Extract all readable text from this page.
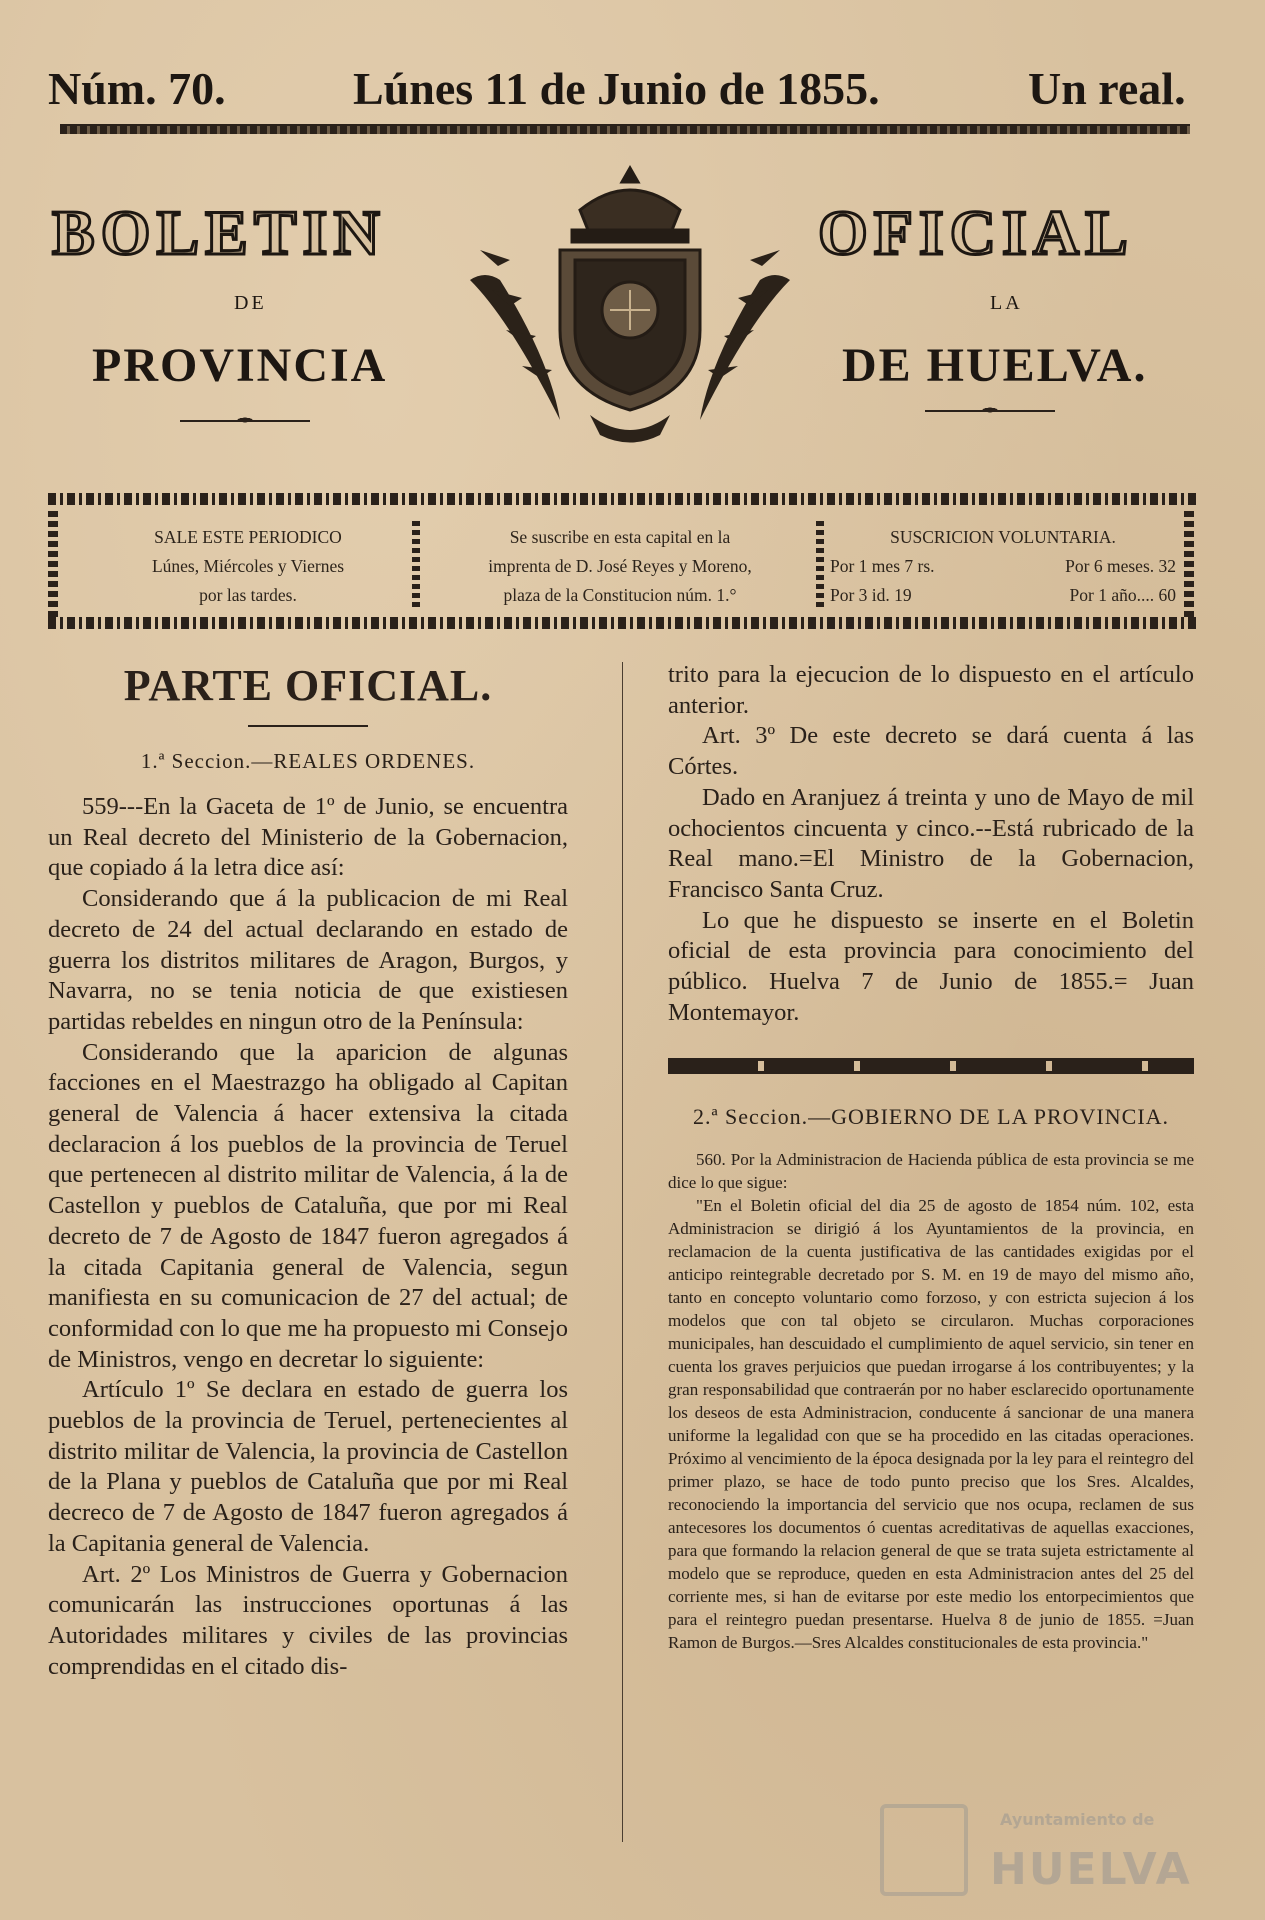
Núm. 70.	Lúnes 11 de Junio de 1855.	Un real.
BOLETIN	OFICIAL
DE	LA
PROVINCIA	DE HUELVA.
SALE ESTE PERIODICO
Lúnes, Miércoles y Viernes
por las tardes.
Se suscribe en esta capital en la
imprenta de D. José Reyes y Moreno,
plaza de la Constitucion núm. 1.°
SUSCRICION VOLUNTARIA.
Por 1 mes 7 rs.	Por 6 meses. 32
Por 3 id. 19	Por 1 año.... 60
PARTE OFICIAL.
1.ª Seccion.—REALES ORDENES.

559---En la Gaceta de 1º de Junio, se encuentra un Real decreto del Ministerio de la Gobernacion, que copiado á la letra dice así:

Considerando que á la publicacion de mi Real decreto de 24 del actual declarando en estado de guerra los distritos militares de Aragon, Burgos, y Navarra, no se tenia noticia de que existiesen partidas rebeldes en ningun otro de la Península:

Considerando que la aparicion de algunas facciones en el Maestrazgo ha obligado al Capitan general de Valencia á hacer extensiva la citada declaracion á los pueblos de la provincia de Teruel que pertenecen al distrito militar de Valencia, á la de Castellon y pueblos de Cataluña, que por mi Real decreto de 7 de Agosto de 1847 fueron agregados á la citada Capitania general de Valencia, segun manifiesta en su comunicacion de 27 del actual; de conformidad con lo que me ha propuesto mi Consejo de Ministros, vengo en decretar lo siguiente:

Artículo 1º Se declara en estado de guerra los pueblos de la provincia de Teruel, pertenecientes al distrito militar de Valencia, la provincia de Castellon de la Plana y pueblos de Cataluña que por mi Real decreco de 7 de Agosto de 1847 fueron agregados á la Capitania general de Valencia.

Art. 2º Los Ministros de Guerra y Gobernacion comunicarán las instrucciones oportunas á las Autoridades militares y civiles de las provincias comprendidas en el citado dis-

trito para la ejecucion de lo dispuesto en el artículo anterior.

Art. 3º De este decreto se dará cuenta á las Córtes.

Dado en Aranjuez á treinta y uno de Mayo de mil ochocientos cincuenta y cinco.--Está rubricado de la Real mano.=El Ministro de la Gobernacion, Francisco Santa Cruz.

Lo que he dispuesto se inserte en el Boletin oficial de esta provincia para conocimiento del público. Huelva 7 de Junio de 1855.= Juan Montemayor.

2.ª Seccion.—GOBIERNO DE LA PROVINCIA.

560. Por la Administracion de Hacienda pública de esta provincia se me dice lo que sigue:

"En el Boletin oficial del dia 25 de agosto de 1854 núm. 102, esta Administracion se dirigió á los Ayuntamientos de la provincia, en reclamacion de la cuenta justificativa de las cantidades exigidas por el anticipo reintegrable decretado por S. M. en 19 de mayo del mismo año, tanto en concepto voluntario como forzoso, y con estricta sujecion á los modelos que con tal objeto se circularon. Muchas corporaciones municipales, han descuidado el cumplimiento de aquel servicio, sin tener en cuenta los graves perjuicios que puedan irrogarse á los contribuyentes; y la gran responsabilidad que contraerán por no haber esclarecido oportunamente los deseos de esta Administracion, conducente á sancionar de una manera uniforme la legalidad con que se ha procedido en las citadas operaciones. Próximo al vencimiento de la época designada por la ley para el reintegro del primer plazo, se hace de todo punto preciso que los Sres. Alcaldes, reconociendo la importancia del servicio que nos ocupa, reclamen de sus antecesores los documentos ó cuentas acreditativas de aquellas exacciones, para que formando la relacion general de que se trata sujeta estrictamente al modelo que se reproduce, queden en esta Administracion antes del 25 del corriente mes, si han de evitarse por este medio los entorpecimientos que para el reintegro puedan presentarse. Huelva 8 de junio de 1855. =Juan Ramon de Burgos.—Sres Alcaldes constitucionales de esta provincia."

Ayuntamiento de
HUELVA
